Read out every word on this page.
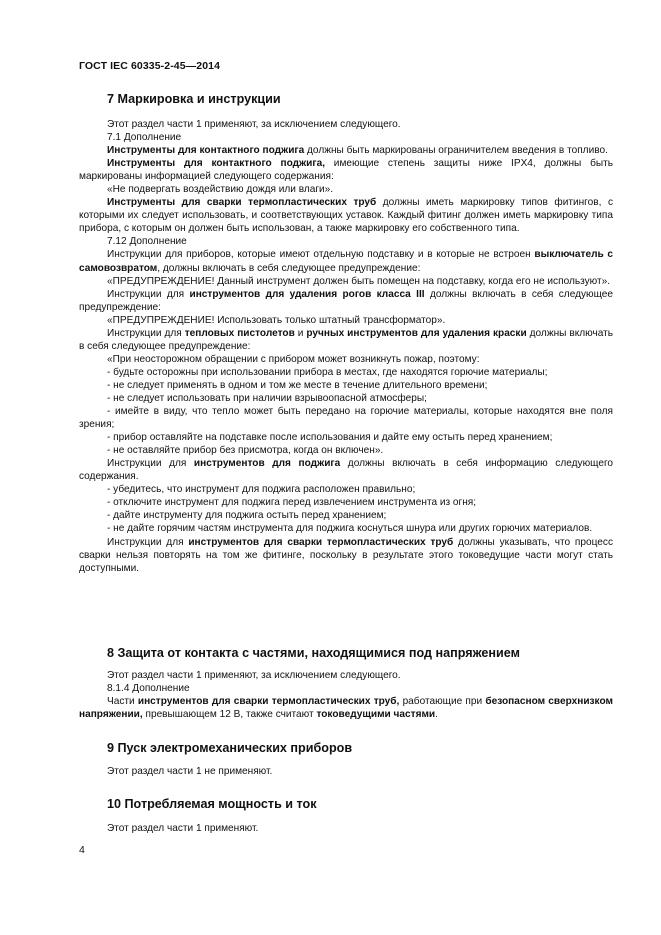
ГОСТ IEC 60335-2-45—2014
7 Маркировка и инструкции

Этот раздел части 1 применяют, за исключением следующего.

7.1 Дополнение

Инструменты для контактного поджига должны быть маркированы ограничителем введения в топливо.

Инструменты для контактного поджига, имеющие степень защиты ниже IPX4, должны быть маркированы информацией следующего содержания:

«Не подвергать воздействию дождя или влаги».

Инструменты для сварки термопластических труб должны иметь маркировку типов фитингов, с которыми их следует использовать, и соответствующих уставок. Каждый фитинг должен иметь маркировку типа прибора, с которым он должен быть использован, а также маркировку его собственного типа.

7.12 Дополнение

Инструкции для приборов, которые имеют отдельную подставку и в которые не встроен выключатель с самовозвратом, должны включать в себя следующее предупреждение:

«ПРЕДУПРЕЖДЕНИЕ! Данный инструмент должен быть помещен на подставку, когда его не используют».

Инструкции для инструментов для удаления рогов класса III должны включать в себя следующее предупреждение:

«ПРЕДУПРЕЖДЕНИЕ! Использовать только штатный трансформатор».

Инструкции для тепловых пистолетов и ручных инструментов для удаления краски должны включать в себя следующее предупреждение:

«При неосторожном обращении с прибором может возникнуть пожар, поэтому:

- будьте осторожны при использовании прибора в местах, где находятся горючие материалы;

- не следует применять в одном и том же месте в течение длительного времени;

- не следует использовать при наличии взрывоопасной атмосферы;

- имейте в виду, что тепло может быть передано на горючие материалы, которые находятся вне поля зрения;

- прибор оставляйте на подставке после использования и дайте ему остыть перед хранением;

- не оставляйте прибор без присмотра, когда он включен».

Инструкции для инструментов для поджига должны включать в себя информацию следующего содержания.

- убедитесь, что инструмент для поджига расположен правильно;

- отключите инструмент для поджига перед извлечением инструмента из огня;

- дайте инструменту для поджига остыть перед хранением;

- не дайте горячим частям инструмента для поджига коснуться шнура или других горючих материалов.

Инструкции для инструментов для сварки термопластических труб должны указывать, что процесс сварки нельзя повторять на том же фитинге, поскольку в результате этого токоведущие части могут стать доступными.

8 Защита от контакта с частями, находящимися под напряжением

Этот раздел части 1 применяют, за исключением следующего.

8.1.4 Дополнение

Части инструментов для сварки термопластических труб, работающие при безопасном сверхнизком напряжении, превышающем 12 В, также считают токоведущими частями.

9 Пуск электромеханических приборов

Этот раздел части 1 не применяют.

10 Потребляемая мощность и ток

Этот раздел части 1 применяют.

4
